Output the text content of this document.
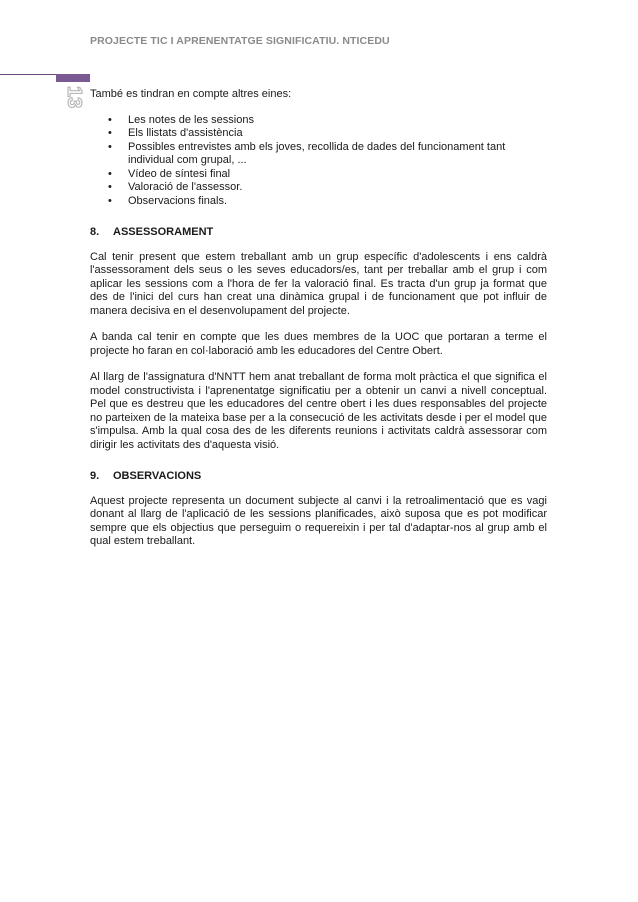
PROJECTE TIC I APRENENTATGE SIGNIFICATIU. NTICEDU
13 També es tindran en compte altres eines:

• Les notes de les sessions
• Els llistats d'assistència
• Possibles entrevistes amb els joves, recollida de dades del funcionament tant individual com grupal, ...
• Vídeo de síntesi final
• Valoració de l'assessor.
• Observacions finals.
8.	ASSESSORAMENT

Cal tenir present que estem treballant amb un grup específic d'adolescents i ens caldrà l'assessorament dels seus o les seves educadors/es, tant per treballar amb el grup i com aplicar les sessions com a l'hora de fer la valoració final. Es tracta d'un grup ja format que des de l'inici del curs han creat una dinàmica grupal i de funcionament que pot influir de manera decisiva en el desenvolupament del projecte.

A banda cal tenir en compte que les dues membres de la UOC que portaran a terme el projecte ho faran en col·laboració amb les educadores del Centre Obert.

Al llarg de l'assignatura d'NNTT hem anat treballant de forma molt pràctica el que significa el model constructivista i l'aprenentatge significatiu per a obtenir un canvi a nivell conceptual. Pel que es destreu que les educadores del centre obert i les dues responsables del projecte no parteixen de la mateixa base per a la consecució de les activitats desde i per el model que s'impulsa. Amb la qual cosa des de les diferents reunions i activitats caldrà assessorar com dirigir les activitats des d'aquesta visió.

9.	OBSERVACIONS

Aquest projecte representa un document subjecte al canvi i la retroalimentació que es vagi donant al llarg de l'aplicació de les sessions planificades, això suposa que es pot modificar sempre que els objectius que perseguim o requereixin i per tal d'adaptar-nos al grup amb el qual estem treballant.
